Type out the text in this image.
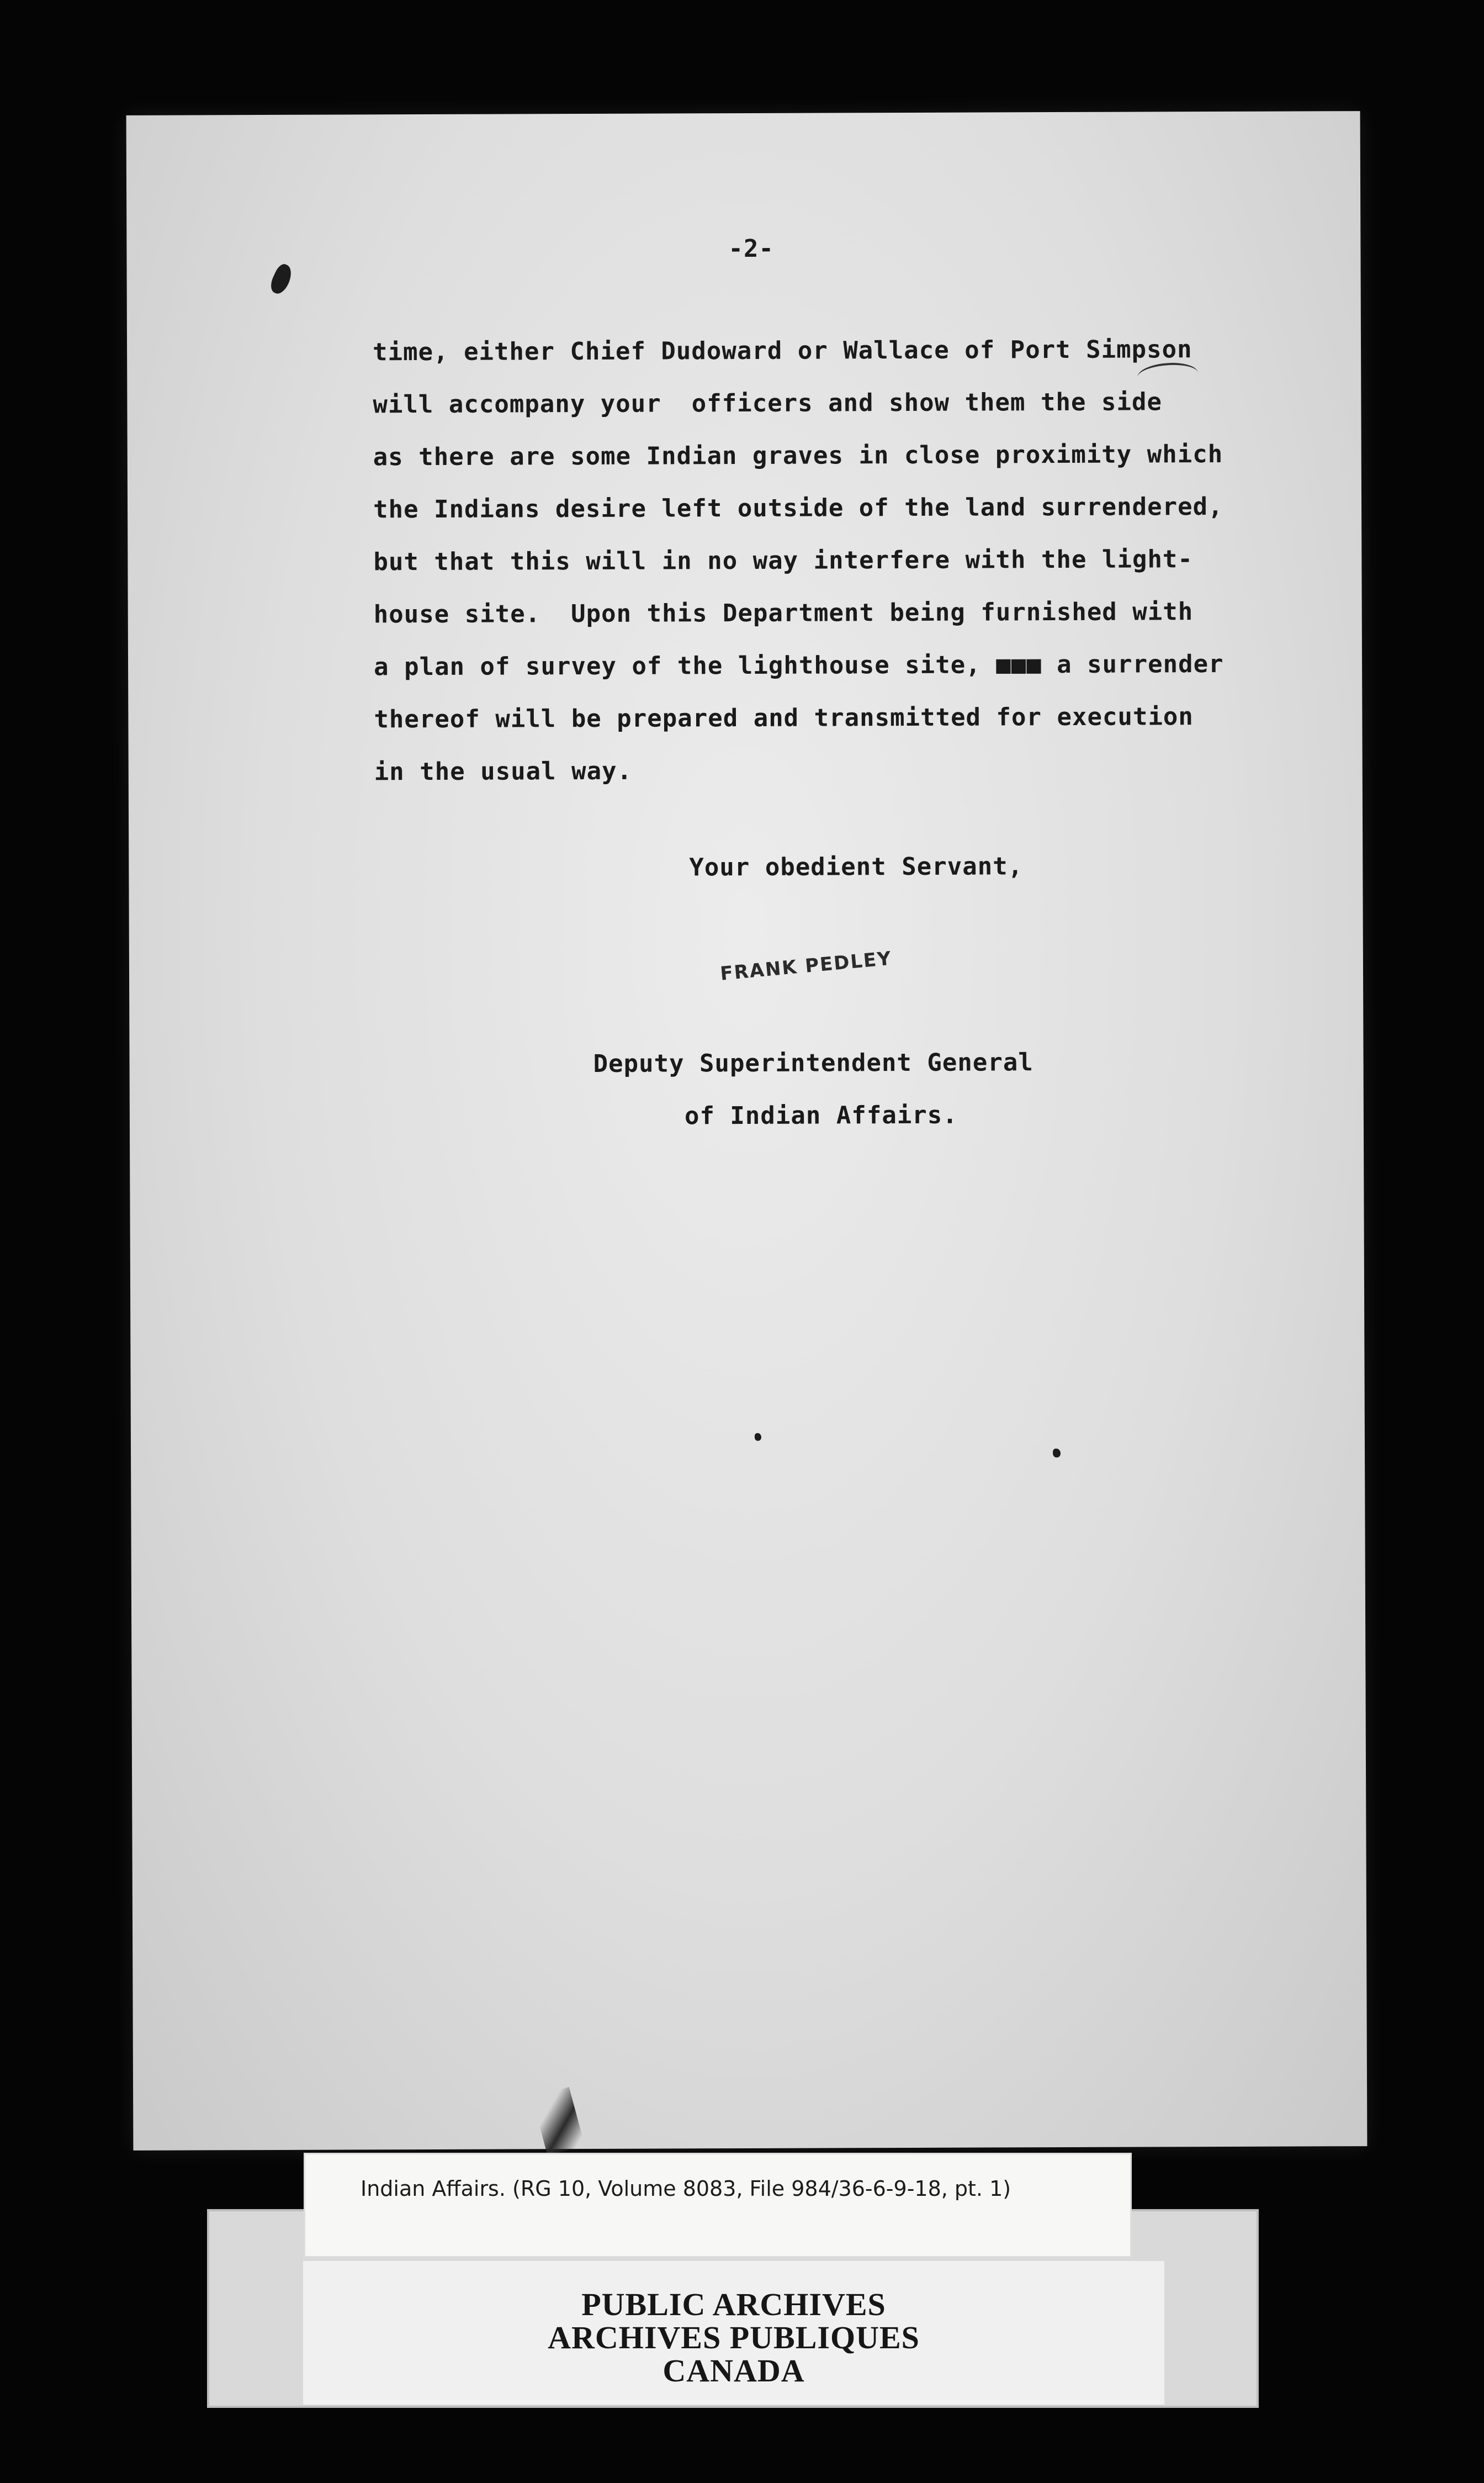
-2-
time, either Chief Dudoward or Wallace of Port Simpson
will accompany your  officers and show them the side
as there are some Indian graves in close proximity which
the Indians desire left outside of the land surrendered,
but that this will in no way interfere with the light-
house site.  Upon this Department being furnished with
a plan of survey of the lighthouse site, ■■■ a surrender
thereof will be prepared and transmitted for execution
in the usual way.
Your obedient Servant,
FRANK PEDLEY
Deputy Superintendent General
of Indian Affairs.
PUBLIC ARCHIVES
ARCHIVES PUBLIQUES
CANADA
Indian Affairs. (RG 10, Volume 8083, File 984/36-6-9-18, pt. 1)
